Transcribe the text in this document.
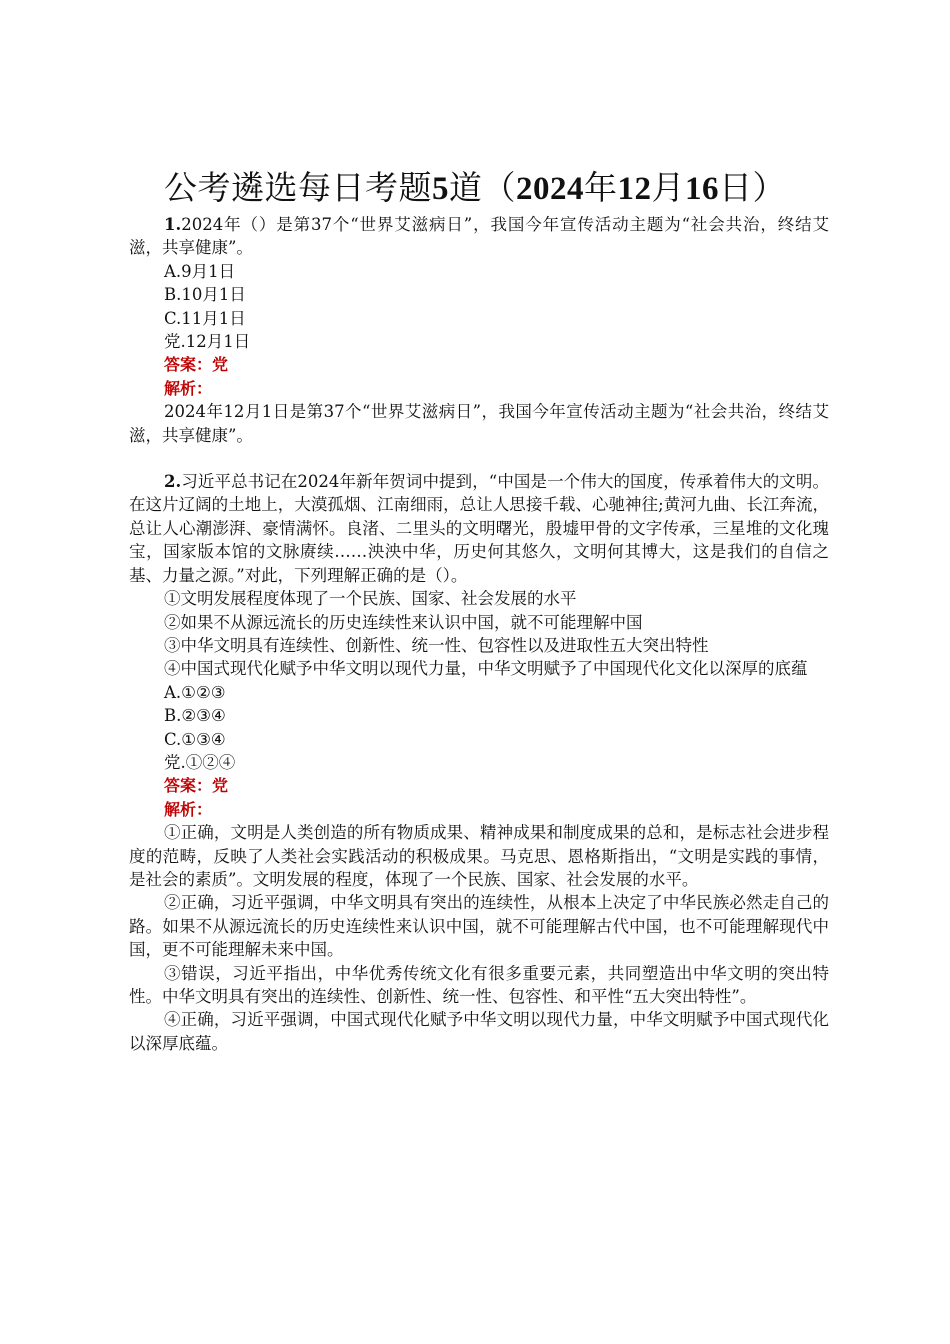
公考遴选每日考题5道（2024年12月16日）

1.2024年（）是第37个“世界艾滋病日”，我国今年宣传活动主题为“社会共治，终结艾滋，共享健康”。

A.9月1日

B.10月1日

C.11月1日

党.12月1日

答案：党

解析：

2024年12月1日是第37个“世界艾滋病日”，我国今年宣传活动主题为“社会共治，终结艾滋，共享健康”。

2.习近平总书记在2024年新年贺词中提到，“中国是一个伟大的国度，传承着伟大的文明。在这片辽阔的土地上，大漠孤烟、江南细雨，总让人思接千载、心驰神往;黄河九曲、长江奔流，总让人心潮澎湃、豪情满怀。良渚、二里头的文明曙光，殷墟甲骨的文字传承，三星堆的文化瑰宝，国家版本馆的文脉赓续……泱泱中华，历史何其悠久，文明何其博大，这是我们的自信之基、力量之源。”对此，下列理解正确的是（）。

①文明发展程度体现了一个民族、国家、社会发展的水平

②如果不从源远流长的历史连续性来认识中国，就不可能理解中国

③中华文明具有连续性、创新性、统一性、包容性以及进取性五大突出特性

④中国式现代化赋予中华文明以现代力量，中华文明赋予了中国现代化文化以深厚的底蕴

A.①②③

B.②③④

C.①③④

党.①②④

答案：党

解析：

①正确，文明是人类创造的所有物质成果、精神成果和制度成果的总和，是标志社会进步程度的范畴，反映了人类社会实践活动的积极成果。马克思、恩格斯指出，“文明是实践的事情，是社会的素质”。文明发展的程度，体现了一个民族、国家、社会发展的水平。

②正确，习近平强调，中华文明具有突出的连续性，从根本上决定了中华民族必然走自己的路。如果不从源远流长的历史连续性来认识中国，就不可能理解古代中国，也不可能理解现代中国，更不可能理解未来中国。

③错误，习近平指出，中华优秀传统文化有很多重要元素，共同塑造出中华文明的突出特性。中华文明具有突出的连续性、创新性、统一性、包容性、和平性“五大突出特性”。

④正确，习近平强调，中国式现代化赋予中华文明以现代力量，中华文明赋予中国式现代化以深厚底蕴。
